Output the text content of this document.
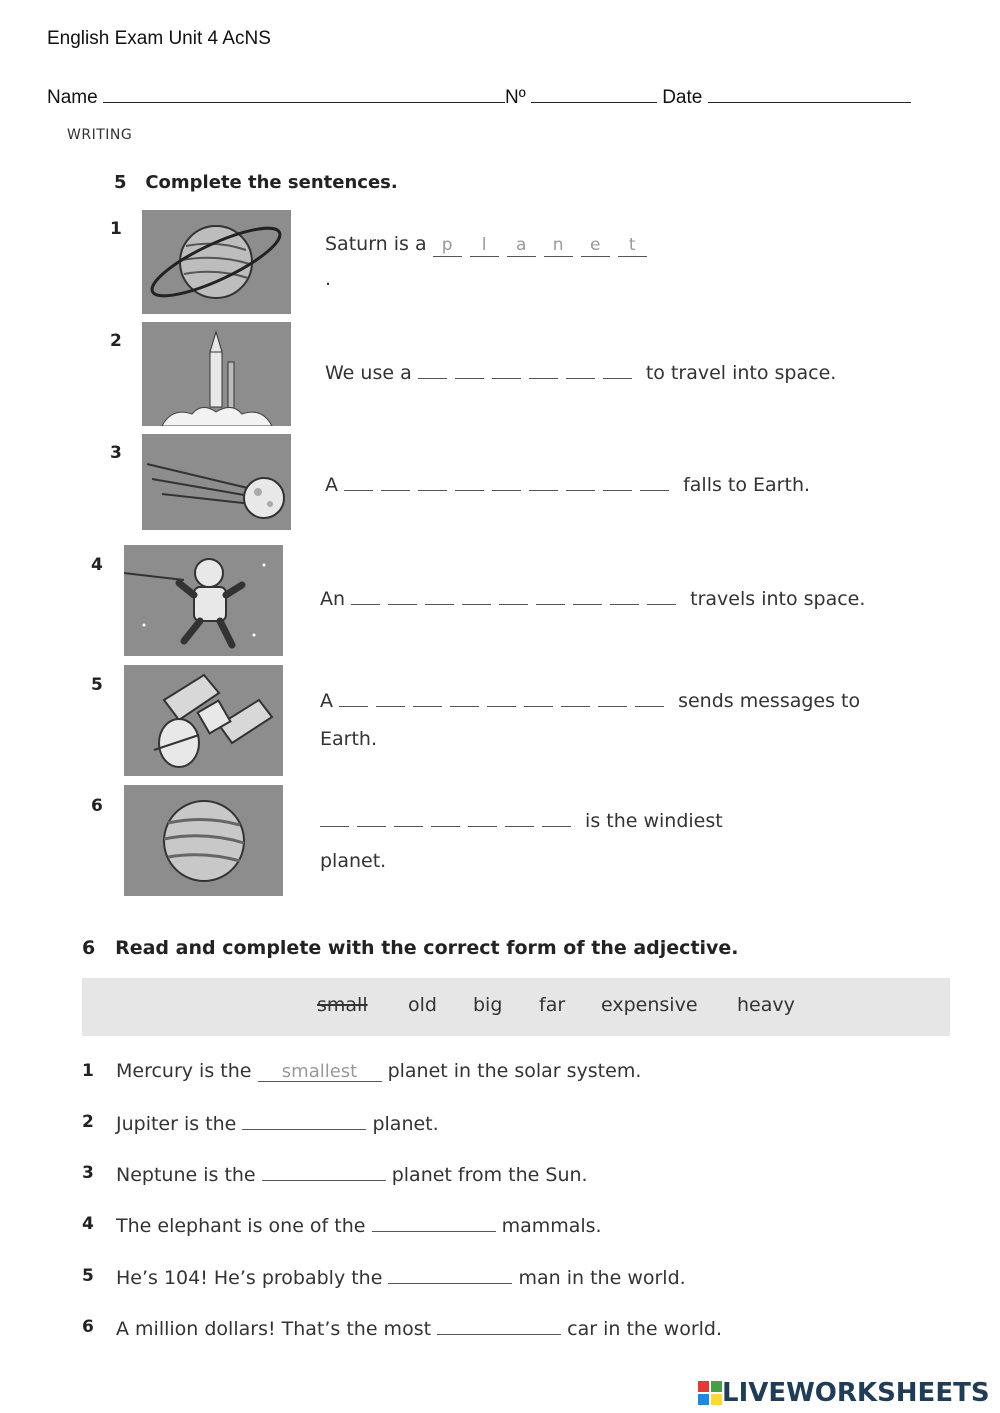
English Exam Unit 4 AcNS
Name	Nº	Date
WRITING
5 Complete the sentences.
1
Saturn is a p l a n e t
.
2
We use a	to travel into space.
3
A	falls to Earth.
4
An	travels into space.
5
A	sends messages to
Earth.
6
is the windiest
planet.
6 Read and complete with the correct form of the adjective.
small old big far expensive heavy
1 Mercury is the smallest planet in the solar system.
2 Jupiter is the	planet.
3 Neptune is the	planet from the Sun.
4 The elephant is one of the	mammals.
5 He’s 104! He’s probably the	man in the world.
6 A million dollars! That’s the most	car in the world.
LIVEWORKSHEETS
